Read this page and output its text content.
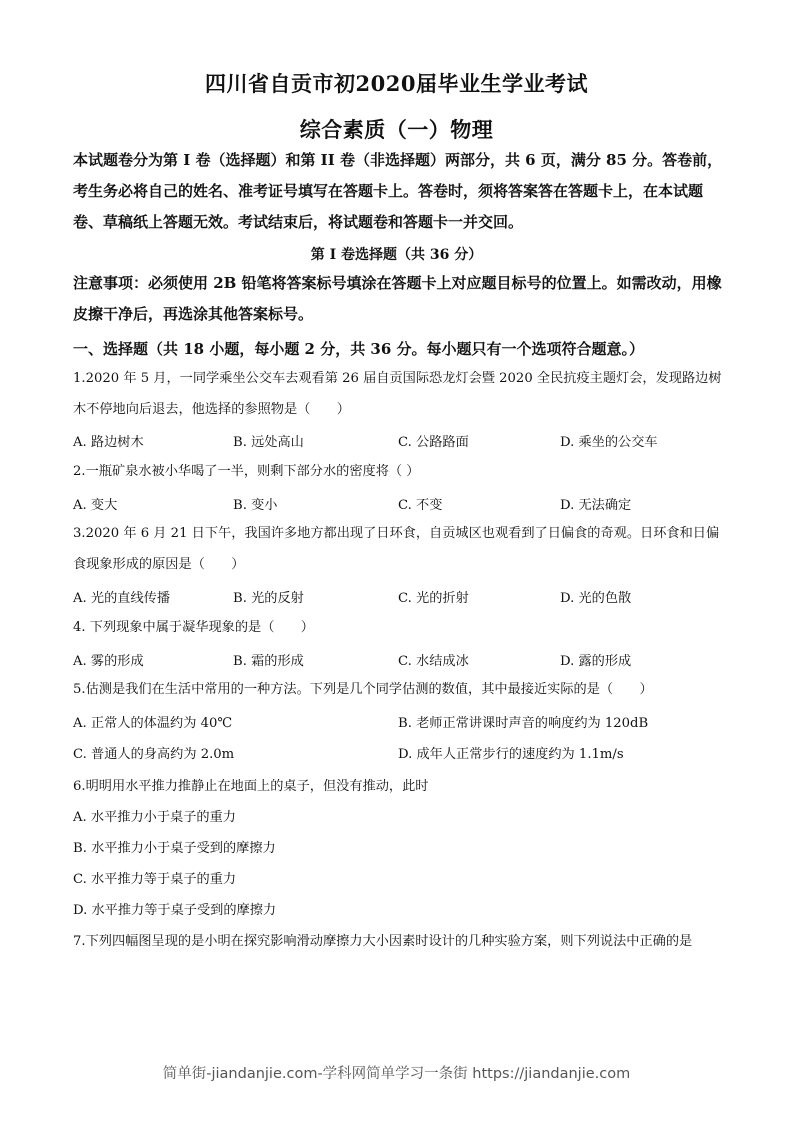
四川省自贡市初2020届毕业生学业考试
综合素质（一）物理
本试题卷分为第 I 卷（选择题）和第 II 卷（非选择题）两部分，共 6 页，满分 85 分。答卷前，考生务必将自己的姓名、准考证号填写在答题卡上。答卷时，须将答案答在答题卡上，在本试题卷、草稿纸上答题无效。考试结束后，将试题卷和答题卡一并交回。
第 I 卷选择题（共 36 分）
注意事项：必须使用 2B 铅笔将答案标号填涂在答题卡上对应题目标号的位置上。如需改动，用橡皮擦干净后，再选涂其他答案标号。
一、选择题（共 18 小题，每小题 2 分，共 36 分。每小题只有一个选项符合题意。）
1.2020 年 5 月，一同学乘坐公交车去观看第 26 届自贡国际恐龙灯会暨 2020 全民抗疫主题灯会，发现路边树木不停地向后退去，他选择的参照物是（　　）
A. 路边树木	B. 远处高山	C. 公路路面	D. 乘坐的公交车
2.一瓶矿泉水被小华喝了一半，则剩下部分水的密度将（ ）
A. 变大	B. 变小	C. 不变	D. 无法确定
3.2020 年 6 月 21 日下午，我国许多地方都出现了日环食，自贡城区也观看到了日偏食的奇观。日环食和日偏食现象形成的原因是（　　）
A. 光的直线传播	B. 光的反射	C. 光的折射	D. 光的色散
4. 下列现象中属于凝华现象的是（　　）
A. 雾的形成	B. 霜的形成	C. 水结成冰	D. 露的形成
5.估测是我们在生活中常用的一种方法。下列是几个同学估测的数值，其中最接近实际的是（　　）
A. 正常人的体温约为 40℃	B. 老师正常讲课时声音的响度约为 120dB
C. 普通人的身高约为 2.0m	D. 成年人正常步行的速度约为 1.1m/s
6.明明用水平推力推静止在地面上的桌子，但没有推动，此时
A. 水平推力小于桌子的重力
B. 水平推力小于桌子受到的摩擦力
C. 水平推力等于桌子的重力
D. 水平推力等于桌子受到的摩擦力
7.下列四幅图呈现的是小明在探究影响滑动摩擦力大小因素时设计的几种实验方案，则下列说法中正确的是
简单街-jiandanjie.com-学科网简单学习一条街 https://jiandanjie.com
